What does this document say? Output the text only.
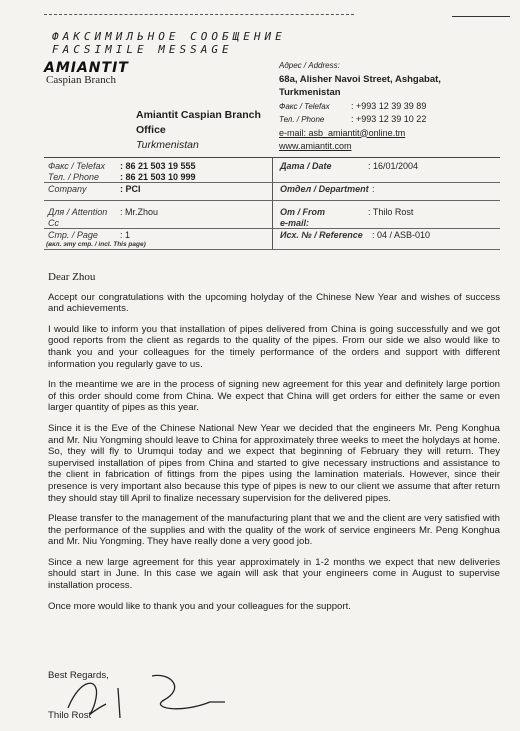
ФАКСИМИЛЬНОЕ СООБЩЕНИЕ
FACSIMILE MESSAGE
AMIANTIT
Caspian Branch
Адрес / Address:
68a, Alisher Navoi Street, Ashgabat,
Turkmenistan
Факс / Telefax	: +993 12 39 39 89
Тел. / Phone	: +993 12 39 10 22
e-mail: asb_amiantit@online.tm
www.amiantit.com
Amiantit Caspian Branch
Office
Turkmenistan
Факс / Telefax : 86 21 503 19 555	Дата / Date	: 16/01/2004
Тел. / Phone : 86 21 503 10 999
Company	: PCI	Отдел / Department :
Для / Attention : Mr.Zhou	От / From	: Thilo Rost
Cc	e-mail:
Стр. / Page : 1	Исх. № / Reference : 04 / ASB-010
(вкл. эту стр. / incl. This page)

Dear Zhou

Accept our congratulations with the upcoming holyday of the Chinese New Year and wishes of success and achievements.

I would like to inform you that installation of pipes delivered from China is going successfully and we got good reports from the client as regards to the quality of the pipes. From our side we also would like to thank you and your colleagues for the timely performance of the orders and support with different information you regularly gave to us.

In the meantime we are in the process of signing new agreement for this year and definitely large portion of this order should come from China. We expect that China will get orders for either the same or even larger quantity of pipes as this year.

Since it is the Eve of the Chinese National New Year we decided that the engineers Mr. Peng Konghua and Mr. Niu Yongming should leave to China for approximately three weeks to meet the holydays at home. So, they will fly to Urumqui today and we expect that beginning of February they will return. They supervised installation of pipes from China and started to give necessary instructions and assistance to the client in fabrication of fittings from the pipes using the lamination materials. However, since their presence is very important also because this type of pipes is new to our client we assume that after return they should stay till April to finalize necessary supervision for the delivered pipes.

Please transfer to the management of the manufacturing plant that we and the client are very satisfied with the performance of the supplies and with the quality of the work of service engineers Mr. Peng Konghua and Mr. Niu Yongming. They have really done a very good job.

Since a new large agreement for this year approximately in 1-2 months we expect that new deliveries should start in June. In this case we again will ask that your engineers come in August to supervise installation process.

Once more would like to thank you and your colleagues for the support.

Best Regards,
Thilo Rost
